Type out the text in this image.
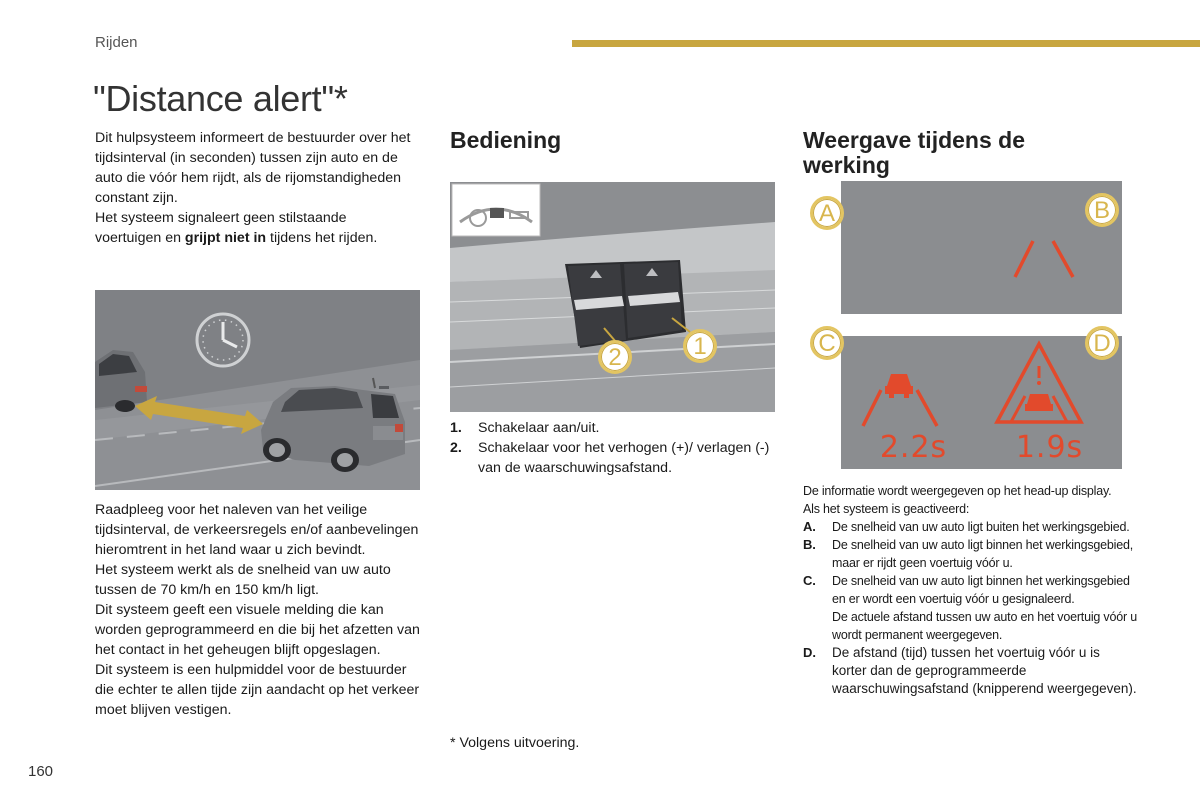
Rijden
"Distance alert"*
Dit hulpsysteem informeert de bestuurder over het tijdsinterval (in seconden) tussen zijn auto en de auto die vóór hem rijdt, als de rijomstandigheden constant zijn.
Het systeem signaleert geen stilstaande voertuigen en grijpt niet in tijdens het rijden.
Raadpleeg voor het naleven van het veilige tijdsinterval, de verkeersregels en/of aanbevelingen hieromtrent in het land waar u zich bevindt.
Het systeem werkt als de snelheid van uw auto tussen de 70 km/h en 150 km/h ligt.
Dit systeem geeft een visuele melding die kan worden geprogrammeerd en die bij het afzetten van het contact in het geheugen blijft opgeslagen.
Dit systeem is een hulpmiddel voor de bestuurder die echter te allen tijde zijn aandacht op het verkeer moet blijven vestigen.
Bediening
2	1
1.	Schakelaar aan/uit.
2.	Schakelaar voor het verhogen (+)/ verlagen (-) van de waarschuwingsafstand.
* Volgens uitvoering.
Weergave tijdens de werking
2.2s	1.9s
A	B
C	D
De informatie wordt weergegeven op het head-up display.
Als het systeem is geactiveerd:
A.	De snelheid van uw auto ligt buiten het werkingsgebied.
B.	De snelheid van uw auto ligt binnen het werkingsgebied, maar er rijdt geen voertuig vóór u.
C.	De snelheid van uw auto ligt binnen het werkingsgebied en er wordt een voertuig vóór u gesignaleerd.
De actuele afstand tussen uw auto en het voertuig vóór u wordt permanent weergegeven.
D.	De afstand (tijd) tussen het voertuig vóór u is korter dan de geprogrammeerde waarschuwingsafstand (knipperend weergegeven).
160
